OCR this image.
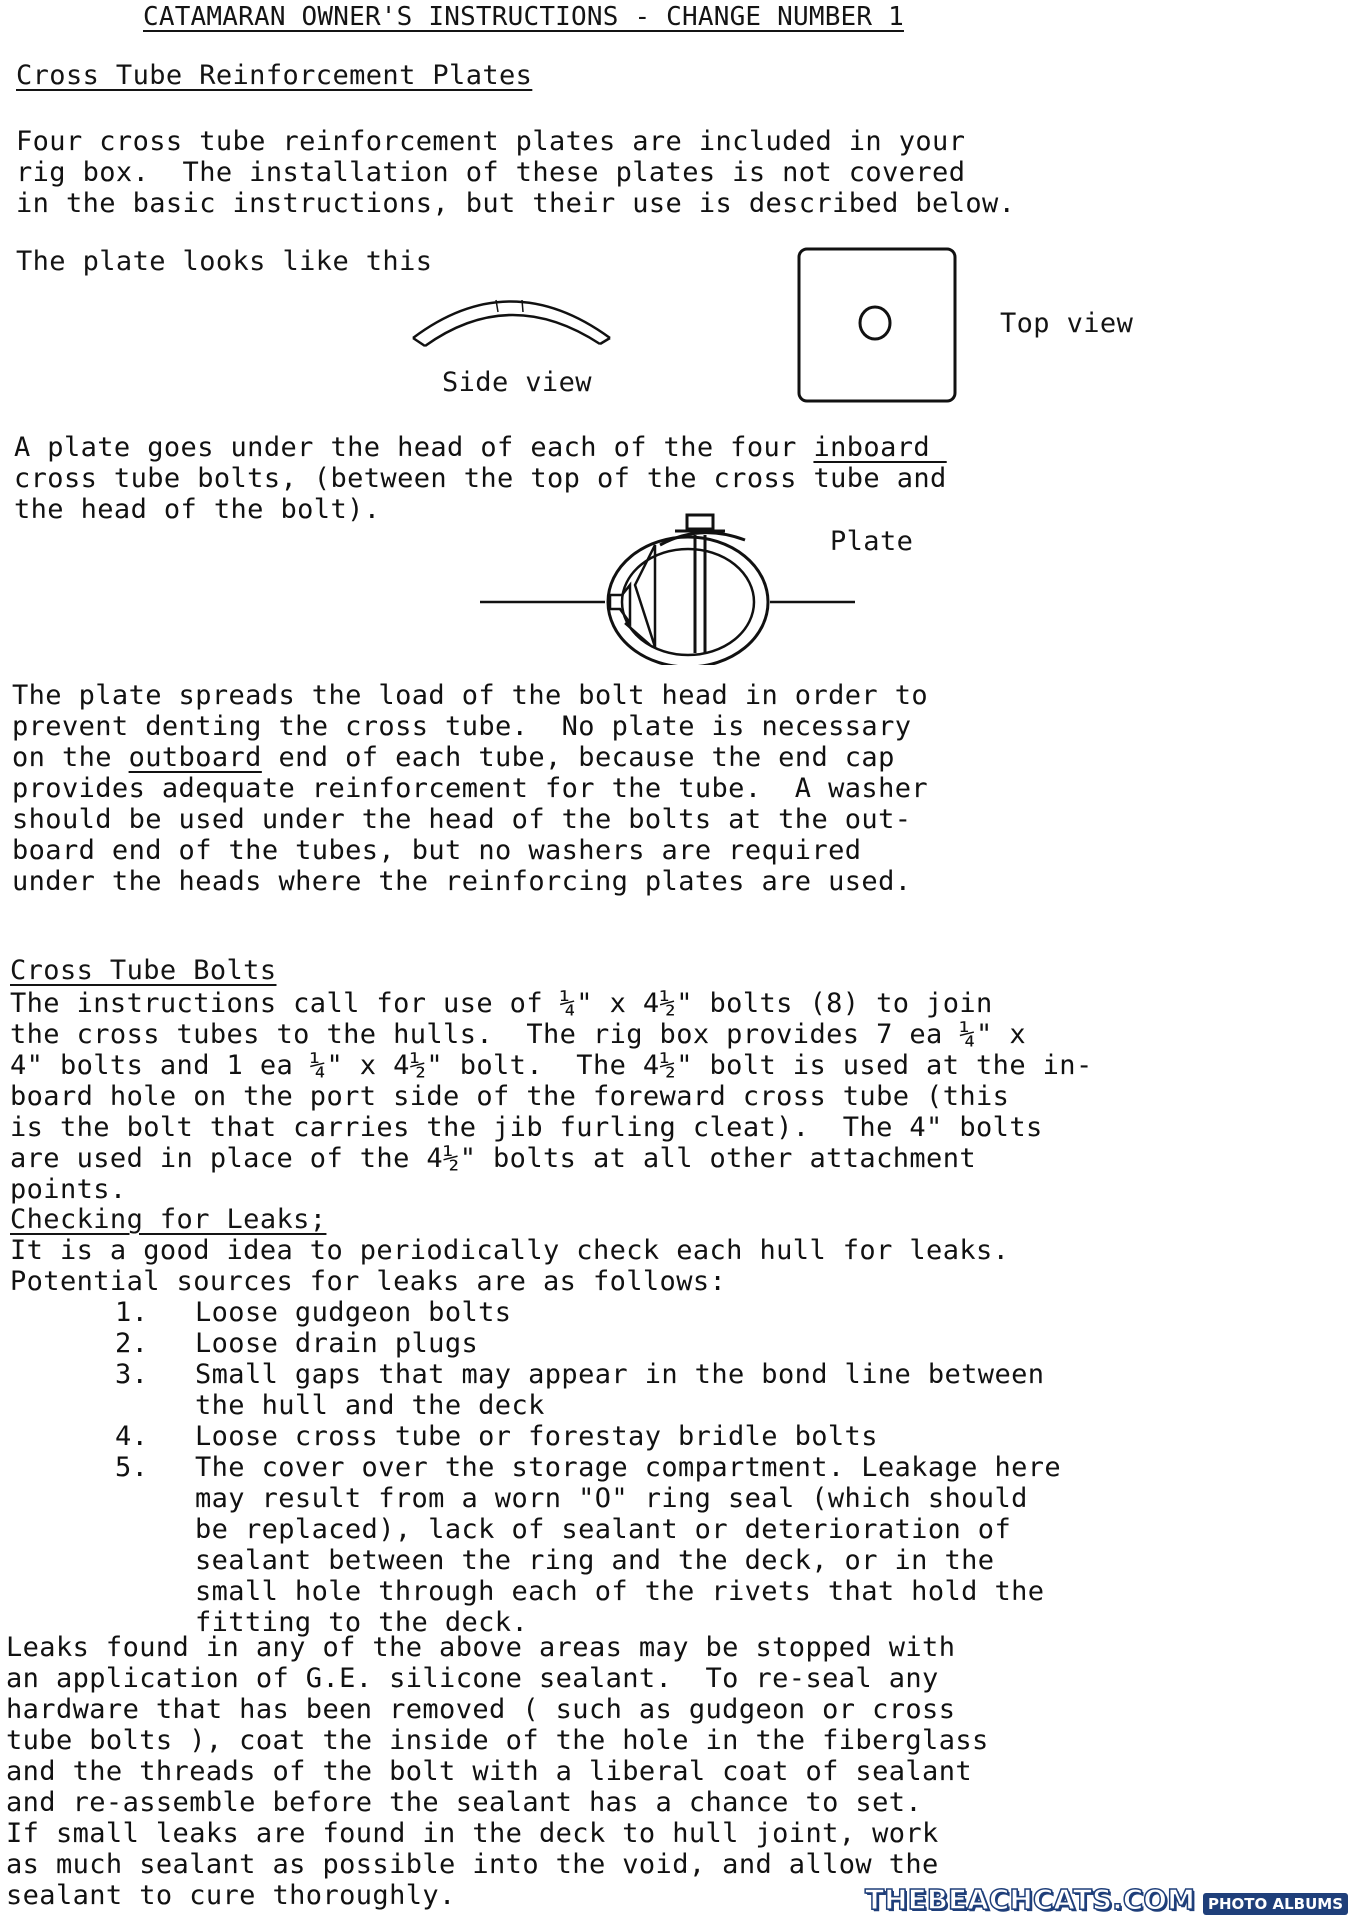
CATAMARAN OWNER'S INSTRUCTIONS - CHANGE NUMBER 1
Cross Tube Reinforcement Plates
Four cross tube reinforcement plates are included in your
rig box.  The installation of these plates is not covered
in the basic instructions, but their use is described below.
The plate looks like this
Side view
Top view
A plate goes under the head of each of the four inboard
cross tube bolts, (between the top of the cross tube and
the head of the bolt).
Plate
The plate spreads the load of the bolt head in order to
prevent denting the cross tube.  No plate is necessary
on the outboard end of each tube, because the end cap
provides adequate reinforcement for the tube.  A washer
should be used under the head of the bolts at the out-
board end of the tubes, but no washers are required
under the heads where the reinforcing plates are used.
Cross Tube Bolts
The instructions call for use of ¼" x 4½" bolts (8) to join
the cross tubes to the hulls.  The rig box provides 7 ea ¼" x
4" bolts and 1 ea ¼" x 4½" bolt.  The 4½" bolt is used at the in-
board hole on the port side of the foreward cross tube (this
is the bolt that carries the jib furling cleat).  The 4" bolts
are used in place of the 4½" bolts at all other attachment
points.
Checking for Leaks;
It is a good idea to periodically check each hull for leaks.
Potential sources for leaks are as follows:
1. Loose gudgeon bolts
2. Loose drain plugs
3. Small gaps that may appear in the bond line between
the hull and the deck
4. Loose cross tube or forestay bridle bolts
5. The cover over the storage compartment. Leakage here
may result from a worn "O" ring seal (which should
be replaced), lack of sealant or deterioration of
sealant between the ring and the deck, or in the
small hole through each of the rivets that hold the
fitting to the deck.
Leaks found in any of the above areas may be stopped with
an application of G.E. silicone sealant.  To re-seal any
hardware that has been removed ( such as gudgeon or cross
tube bolts ), coat the inside of the hole in the fiberglass
and the threads of the bolt with a liberal coat of sealant
and re-assemble before the sealant has a chance to set.
If small leaks are found in the deck to hull joint, work
as much sealant as possible into the void, and allow the
sealant to cure thoroughly.	THEBEACHCATS.COM PHOTO ALBUMS
